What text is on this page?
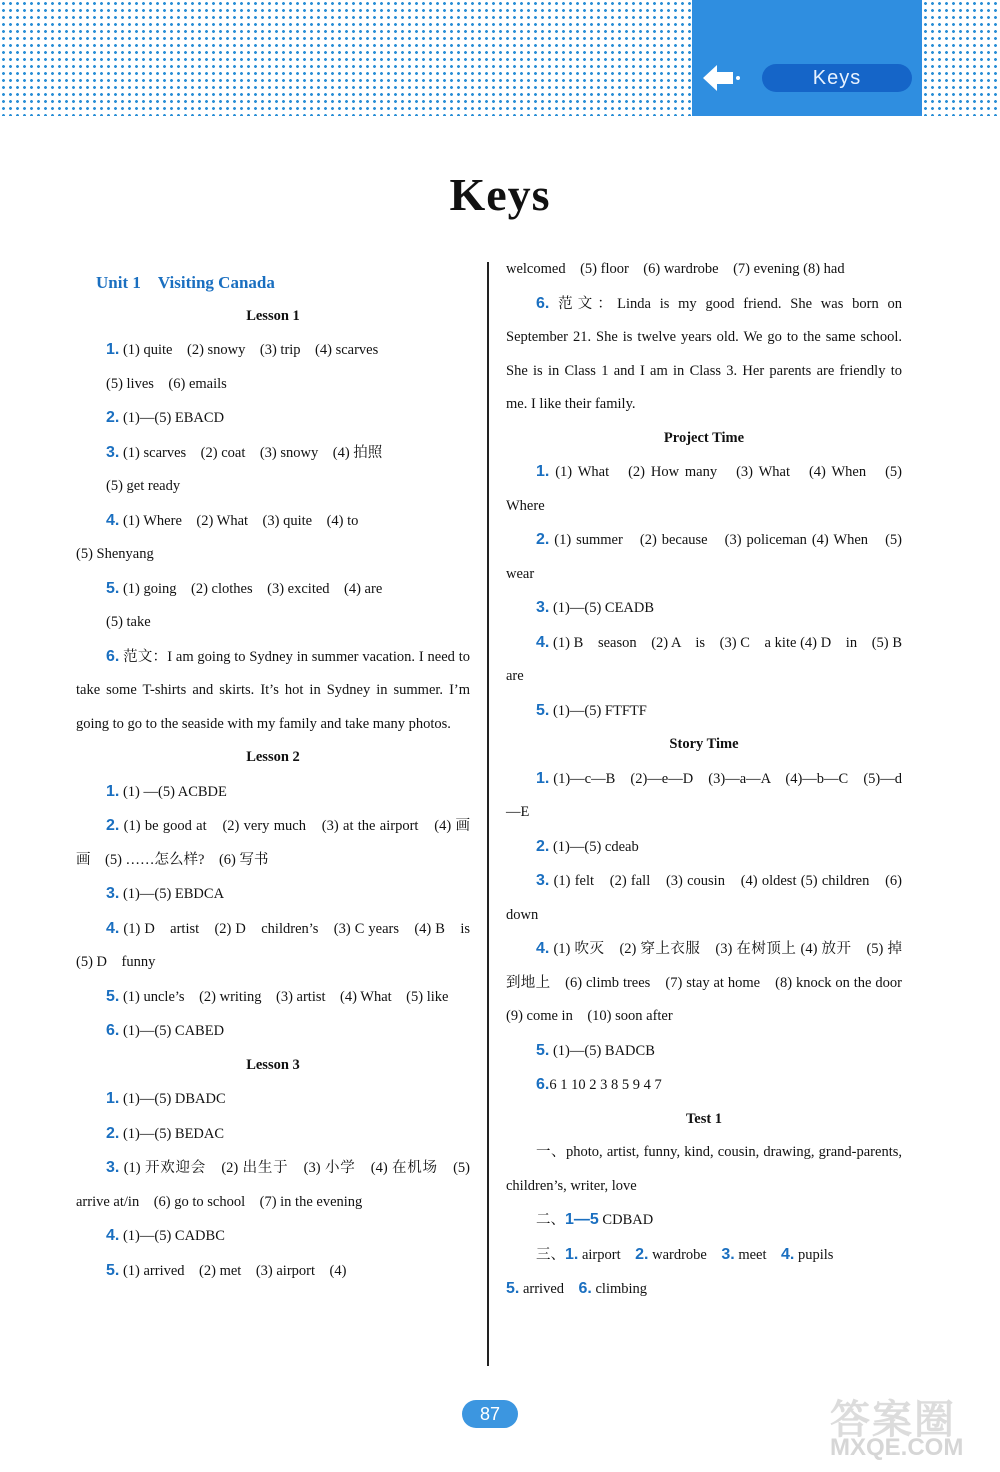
Keys
Keys

Unit 1　Visiting Canada

Lesson 1

1. (1) quite　(2) snowy　(3) trip　(4) scarves

(5) lives　(6) emails

2. (1)—(5) EBACD

3. (1) scarves　(2) coat　(3) snowy　(4) 拍照

(5) get ready

4. (1) Where　(2) What　(3) quite　(4) to

(5) Shenyang

5. (1) going　(2) clothes　(3) excited　(4) are

(5) take

6. 范文：I am going to Sydney in summer vacation. I need to take some T-shirts and skirts. It’s hot in Sydney in summer. I’m going to go to the seaside with my family and take many photos.

Lesson 2

1. (1) —(5) ACBDE

2. (1) be good at　(2) very much　(3) at the airport　(4) 画画　(5) ……怎么样?　(6) 写书

3. (1)—(5) EBDCA

4. (1) D　artist　(2) D　children’s　(3) C years　(4) B　is　(5) D　funny

5. (1) uncle’s　(2) writing　(3) artist　(4) What　(5) like

6. (1)—(5) CABED

Lesson 3

1. (1)—(5) DBADC

2. (1)—(5) BEDAC

3. (1) 开欢迎会　(2) 出生于　(3) 小学　(4) 在机场　(5) arrive at/in　(6) go to school　(7) in the evening

4. (1)—(5) CADBC

5. (1) arrived　(2) met　(3) airport　(4)

welcomed　(5) floor　(6) wardrobe　(7) evening (8) had

6. 范文：Linda is my good friend. She was born on September 21. She is twelve years old. We go to the same school. She is in Class 1 and I am in Class 3. Her parents are friendly to me. I like their family.

Project Time

1. (1) What　(2) How many　(3) What　(4) When　(5) Where

2. (1) summer　(2) because　(3) policeman (4) When　(5) wear

3. (1)—(5) CEADB

4. (1) B　season　(2) A　is　(3) C　a kite (4) D　in　(5) B　are

5. (1)—(5) FTFTF

Story Time

1. (1)—c—B　(2)—e—D　(3)—a—A　(4)—b—C　(5)—d—E

2. (1)—(5) cdeab

3. (1) felt　(2) fall　(3) cousin　(4) oldest (5) children　(6) down

4. (1) 吹灭　(2) 穿上衣服　(3) 在树顶上 (4) 放开　(5) 掉到地上　(6) climb trees　(7) stay at home　(8) knock on the door　(9) come in　(10) soon after

5. (1)—(5) BADCB

6.6 1 10 2 3 8 5 9 4 7

Test 1

一、photo, artist, funny, kind, cousin, drawing, grand-parents, children’s, writer, love

二、1—5 CDBAD

三、1. airport　2. wardrobe　3. meet　4. pupils

5. arrived　6. climbing

87	答案圈
MXQE.COM
